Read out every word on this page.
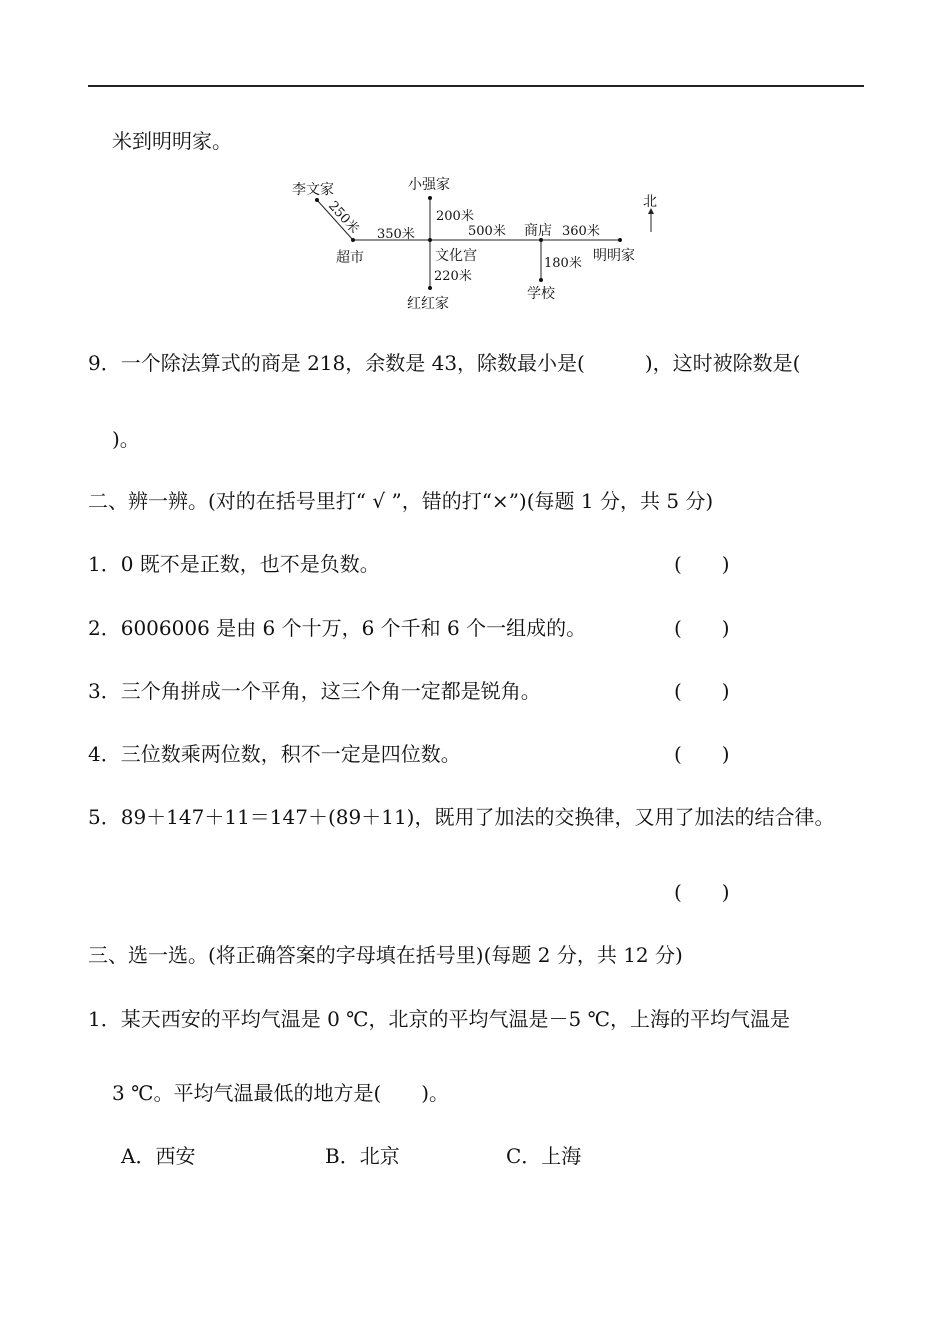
米到明明家。
李文家	小强家
北
超市	文化宫
红红家
商店
明明家
学校
250米 350米
200米
500米	360米
220米
180米
9．一个除法算式的商是 218，余数是 43，除数最小是(　　　)，这时被除数是(
)。
二、辨一辨。(对的在括号里打“ √ ”，错的打“×”)(每题 1 分，共 5 分)
1．0 既不是正数，也不是负数。	(　　)
2．6006006 是由 6 个十万，6 个千和 6 个一组成的。	(　　)
3．三个角拼成一个平角，这三个角一定都是锐角。	(　　)
4．三位数乘两位数，积不一定是四位数。	(　　)
5．89＋147＋11＝147＋(89＋11)，既用了加法的交换律，又用了加法的结合律。
(　　)
三、选一选。(将正确答案的字母填在括号里)(每题 2 分，共 12 分)
1．某天西安的平均气温是 0 ℃，北京的平均气温是－5 ℃，上海的平均气温是
3 ℃。平均气温最低的地方是(　　)。
A．西安	B．北京	C．上海
